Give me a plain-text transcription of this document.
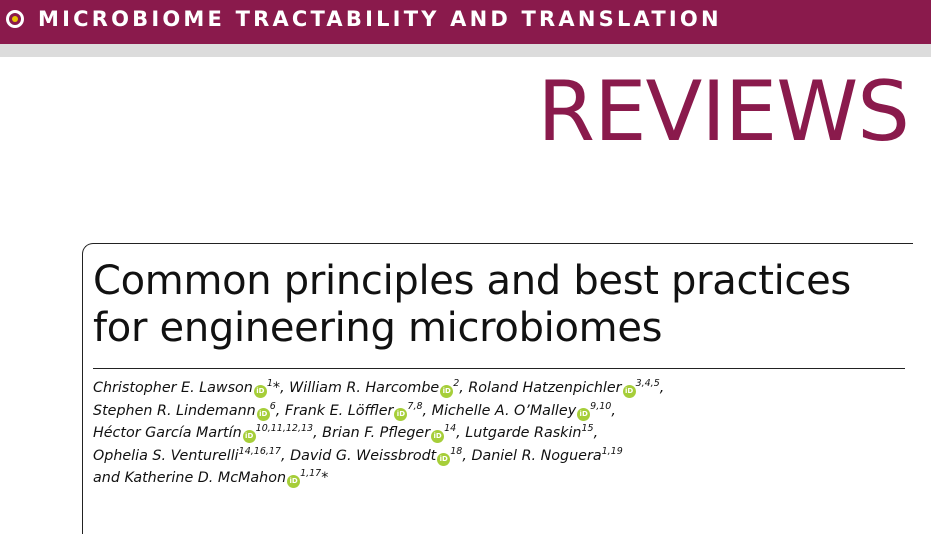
MICROBIOME TRACTABILITY AND TRANSLATION
REVIEWS
Common principles and best practices
for engineering microbiomes

Christopher E. Lawson $iD^1*$, William R. Harcombe $iD^2$, Roland Hatzenpichler iD$^{3,4,5}$,
Stephen R. Lindemann $iD^6$, Frank E. Löffler iD$^{7,8}$, Michelle A. O’Malley iD$^{9,10}$,
Héctor García Martín iD$^{10,11,12,13}$, Brian F. Pfleger $iD^{14}$, Lutgarde Raskin$^{15}$,
Ophelia S. Venturelli$^{14,16,17}$, David G. Weissbrodt $iD^{18}$, Daniel R. Noguera$^{1,19}$
and Katherine D. McMahon iD$^{1,17}$*
